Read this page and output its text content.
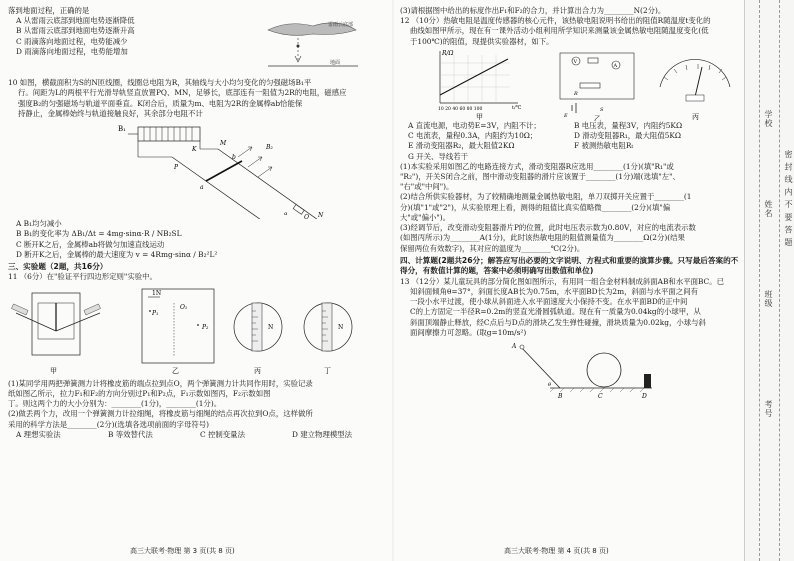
落到地面过程，正确的是

A 从雷雨云底部到地面电势逐渐降低

B 从雷雨云底部到地面电势逐渐升高

C 雨滴落向地面过程，电势能减少

D 雨滴落向地面过程，电势能增加

雷雨云底部
地面

10 如图，横截面积为S的N匝线圈，线圈总电阻为R，其轴线与大小均匀变化的匀强磁场B₁平

行。间距为L的两根平行光滑导轨竖直放置PQ、MN，足够长，底部连有一阻值为2R的电阻，磁感应

强度B₂的匀强磁场与轨道平面垂直。K闭合后，质量为m、电阻为2R的金属棒ab恰能保

持静止，金属棒始终与轨道接触良好，其余部分电阻不计

B₁
K
M
P
B₂
a
b
N
α	Q

A B₁均匀减小

B B₁的变化率为 ΔB₁/Δt = 4mg·sinα·R / NB₂SL

C 断开K之后，金属棒ab将做匀加速直线运动

D 断开K之后，金属棒的最大速度为 v = 4Rmg·sinα / B₂²L²

三、实验题（2题，共16分）

11 （6分）在"验证平行四边形定则"实验中。

甲
1N
P₁
O₁
P₂
乙
N
丙
N
丁

(1)某同学用两把弹簧测力计将橡皮筋的端点拉到点O，两个弹簧测力计共同作用时，实验记录

纸如图乙所示，拉力F₁和F₂的方向分别过P₁和P₂点，F₁示数如图丙，F₂示数如图

丁。则这两个力的大小分别为：________(1分)，________(1分)。

(2)做丢两个力，改用一个弹簧测力计拉细绳，将橡皮筋与细绳的结点再次拉到O点，这样做所

采用的科学方法是________(2分)(选填各选项前面的字母符号)

A 理想实验法	B 等效替代法	C 控制变量法	D 建立物理模型法

高三大联考·物理 第 3 页(共 8 页)

(3)请根据图中给出的标度作出F₁和F₂的合力，并计算出合力为________N(2分)。

12 （10分）热敏电阻是温度传感器的核心元件，该热敏电阻说明书给出的阻值R随温度t变化的

曲线如图甲所示，现在有一课外活动小组利用所学知识来测量该金属热敏电阻随温度变化(低

于100℃)的阻值，现提供实验器材，如下。

R/Ω
t/℃
10 20 40 60 80 100
甲
V
A
R
E
S
乙	丙
A 直流电源，电动势E=3V，内阻不计；	B 电压表，量程3V，内阻约5KΩ
C 电流表，量程0.3A，内阻约为10Ω；	D 滑动变阻器R₁，最大阻值5KΩ
E 滑动变阻器R₂，最大阻值2KΩ	F 被测热敏电阻Rₜ

G 开关、导线若干

(1)本实验采用如图乙的电路连接方式，滑动变阻器R应选用________(1分)(填"R₁"或

"R₂")，开关S闭合之前，图中滑动变阻器的滑片应该置于________(1分)端(选填"左"、

"右"或"中间")。

(2)结合所供实验器材，为了较精确地测量金属热敏电阻，单刀双掷开关应置于________(1

分)(填"1"或"2")，从实验原理上看，测得的阻值比真实值略微________(2分)(填"偏

大"或"偏小")。

(3)经调节后，改变滑动变阻器滑片P的位置，此时电压表示数为0.80V，对应的电流表示数

(如图丙所示)为________A(1分)，此时该热敏电阻的阻值测量值为________Ω(2分)(结果

保留两位有效数字)，其对应的温度为________℃(2分)。

四、计算题(2题共26分；解答应写出必要的文字说明、方程式和重要的演算步骤。只写最后答案的不得分，有数值计算的题，答案中必须明确写出数值和单位)

13 （12分）某儿童玩具的部分简化图如图所示，有用同一组合金材料制成斜面AB和水平面BC。已

知斜面倾角θ=37°，斜面长度AB长为0.75m，水平面BD长为2m，斜面与水平面之间有

一段小水平过渡，使小球从斜面进入水平面速度大小保持不变。在水平面BD的正中间

C的上方固定一半径R=0.2m的竖直光滑圆弧轨道。现在有一质量为0.04kg的小球甲，从

斜面顶端静止释放，经C点后与D点的滑块乙发生弹性碰撞，滑块质量为0.02kg，小球与斜

面间摩擦力可忽略。(取g=10m/s²)

A
θ
B	C	D

高三大联考·物理 第 4 页(共 8 页)

学校
姓名
班级
考号
密 封 线 内 不 要 答 题
